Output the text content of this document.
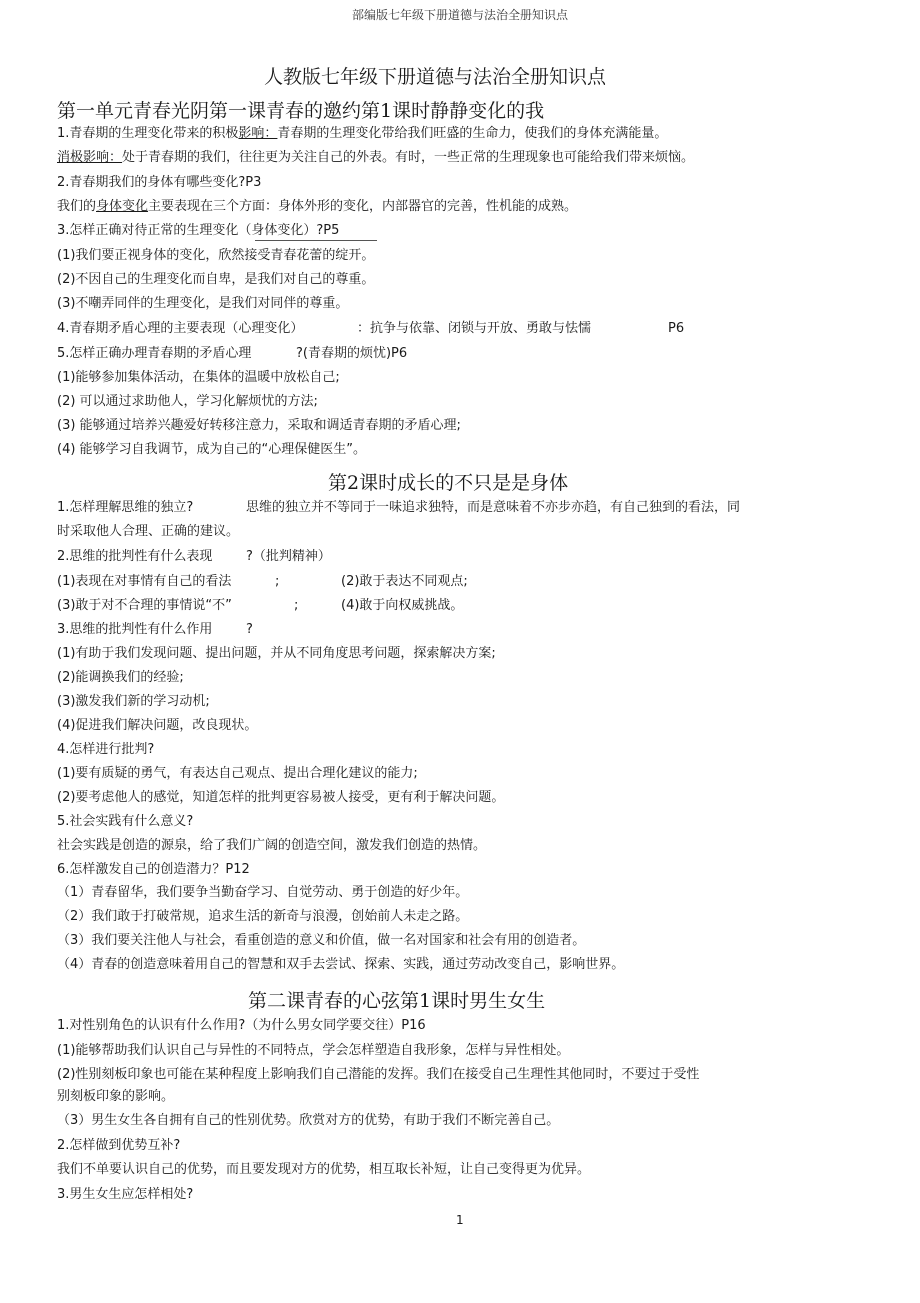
部编版七年级下册道德与法治全册知识点
人教版七年级下册道德与法治全册知识点
第一单元青春光阴第一课青春的邀约第1课时静静变化的我
1.青春期的生理变化带来的积极影响：青春期的生理变化带给我们旺盛的生命力，使我们的身体充满能量。
消极影响：处于青春期的我们，往往更为关注自己的外表。有时，一些正常的生理现象也可能给我们带来烦恼。
2.青春期我们的身体有哪些变化?P3
我们的身体变化主要表现在三个方面：身体外形的变化，内部器官的完善，性机能的成熟。
3.怎样正确对待正常的生理变化（身体变化）?P5
(1)我们要正视身体的变化，欣然接受青春花蕾的绽开。
(2)不因自己的生理变化而自卑，是我们对自己的尊重。
(3)不嘲弄同伴的生理变化，是我们对同伴的尊重。
4.青春期矛盾心理的主要表现（心理变化）	：抗争与依靠、闭锁与开放、勇敢与怯懦	P6
5.怎样正确办理青春期的矛盾心理	?(青春期的烦忧)P6
(1)能够参加集体活动，在集体的温暖中放松自己;
(2) 可以通过求助他人，学习化解烦忧的方法;
(3) 能够通过培养兴趣爱好转移注意力，采取和调适青春期的矛盾心理;
(4) 能够学习自我调节，成为自己的“心理保健医生”。
第2课时成长的不只是是身体
1.怎样理解思维的独立?	思维的独立并不等同于一味追求独特，而是意味着不亦步亦趋，有自己独到的看法，同
时采取他人合理、正确的建议。
2.思维的批判性有什么表现	?（批判精神）
(1)表现在对事情有自己的看法	;	(2)敢于表达不同观点;
(3)敢于对不合理的事情说“不”	;	(4)敢于向权威挑战。
3.思维的批判性有什么作用	?
(1)有助于我们发现问题、提出问题，并从不同角度思考问题，探索解决方案;
(2)能调换我们的经验;
(3)激发我们新的学习动机;
(4)促进我们解决问题，改良现状。
4.怎样进行批判?
(1)要有质疑的勇气，有表达自己观点、提出合理化建议的能力;
(2)要考虑他人的感觉，知道怎样的批判更容易被人接受，更有利于解决问题。
5.社会实践有什么意义?
社会实践是创造的源泉，给了我们广阔的创造空间，激发我们创造的热情。
6.怎样激发自己的创造潜力？P12
（1）青春留华，我们要争当勤奋学习、自觉劳动、勇于创造的好少年。
（2）我们敢于打破常规，追求生活的新奇与浪漫，创始前人未走之路。
（3）我们要关注他人与社会，看重创造的意义和价值，做一名对国家和社会有用的创造者。
（4）青春的创造意味着用自己的智慧和双手去尝试、探索、实践，通过劳动改变自己，影响世界。
第二课青春的心弦第1课时男生女生
1.对性别角色的认识有什么作用?（为什么男女同学要交往）P16
(1)能够帮助我们认识自己与异性的不同特点，学会怎样塑造自我形象，怎样与异性相处。
(2)性别刻板印象也可能在某种程度上影响我们自己潜能的发挥。我们在接受自己生理性其他同时，不要过于受性
别刻板印象的影响。
（3）男生女生各自拥有自己的性别优势。欣赏对方的优势，有助于我们不断完善自己。
2.怎样做到优势互补?
我们不单要认识自己的优势，而且要发现对方的优势，相互取长补短，让自己变得更为优异。
3.男生女生应怎样相处?
1
